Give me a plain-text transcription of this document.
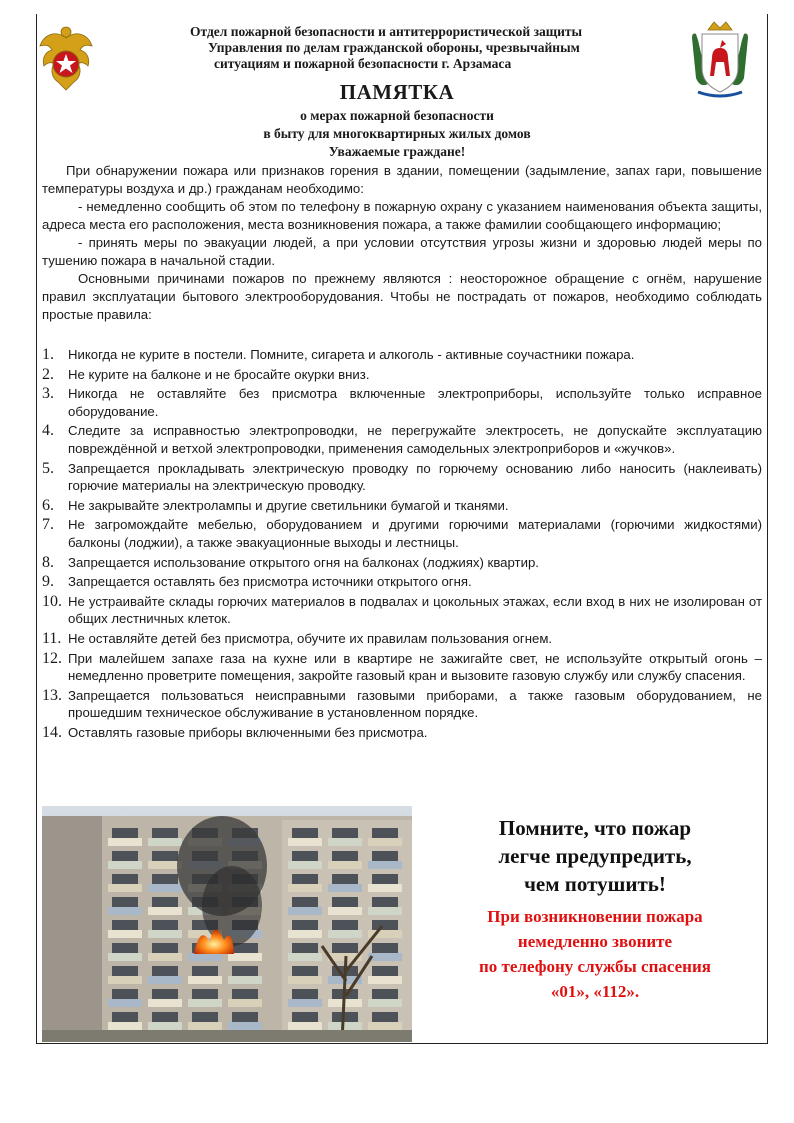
Отдел пожарной безопасности и антитеррористической защиты
Управления по делам гражданской обороны, чрезвычайным
ситуациям и пожарной безопасности г. Арзамаса
ПАМЯТКА
о мерах пожарной безопасности
в быту для многоквартирных жилых домов
Уважаемые граждане!

При обнаружении пожара или признаков горения в здании, помещении (задымление, запах гари, повышение температуры воздуха и др.) гражданам необходимо:

- немедленно сообщить об этом по телефону в пожарную охрану с указанием наименования объекта защиты, адреса места его расположения, места возникновения пожара, а также фамилии сообщающего информацию;

- принять меры по эвакуации людей, а при условии отсутствия угрозы жизни и здоровью людей меры по тушению пожара в начальной стадии.

Основными причинами пожаров по прежнему являются : неосторожное обращение с огнём, нарушение правил эксплуатации бытового электрооборудования. Чтобы не пострадать от пожаров, необходимо соблюдать простые правила:

1.	Никогда не курите в постели. Помните, сигарета и алкоголь - активные соучастники пожара.
2.	Не курите на балконе и не бросайте окурки вниз.
3.	Никогда не оставляйте без присмотра включенные электроприборы, используйте только исправное оборудование.
4.	Следите за исправностью электропроводки, не перегружайте электросеть, не допускайте эксплуатацию повреждённой и ветхой электропроводки, применения самодельных электроприборов и «жучков».
5.	Запрещается прокладывать электрическую проводку по горючему основанию либо наносить (наклеивать) горючие материалы на электрическую проводку.
6.	Не закрывайте электролампы и другие светильники бумагой и тканями.
7.	Не загромождайте мебелью, оборудованием и другими горючими материалами (горючими жидкостями) балконы (лоджии), а также эвакуационные выходы и лестницы.
8.	Запрещается использование открытого огня на балконах (лоджиях) квартир.
9.	Запрещается оставлять без присмотра источники открытого огня.
10. Не устраивайте склады горючих материалов в подвалах и цокольных этажах, если вход в них не изолирован от общих лестничных клеток.
11. Не оставляйте детей без присмотра, обучите их правилам пользования огнем.
12. При малейшем запахе газа на кухне или в квартире не зажигайте свет, не используйте открытый огонь – немедленно проветрите помещения, закройте газовый кран и вызовите газовую службу или службу спасения.
13. Запрещается пользоваться неисправными газовыми приборами, а также газовым оборудованием, не прошедшим техническое обслуживание в установленном порядке.
14. Оставлять газовые приборы включенными без присмотра.
Помните, что пожар
легче предупредить,
чем потушить!
При возникновении пожара
немедленно звоните
по телефону службы спасения
«01», «112».
